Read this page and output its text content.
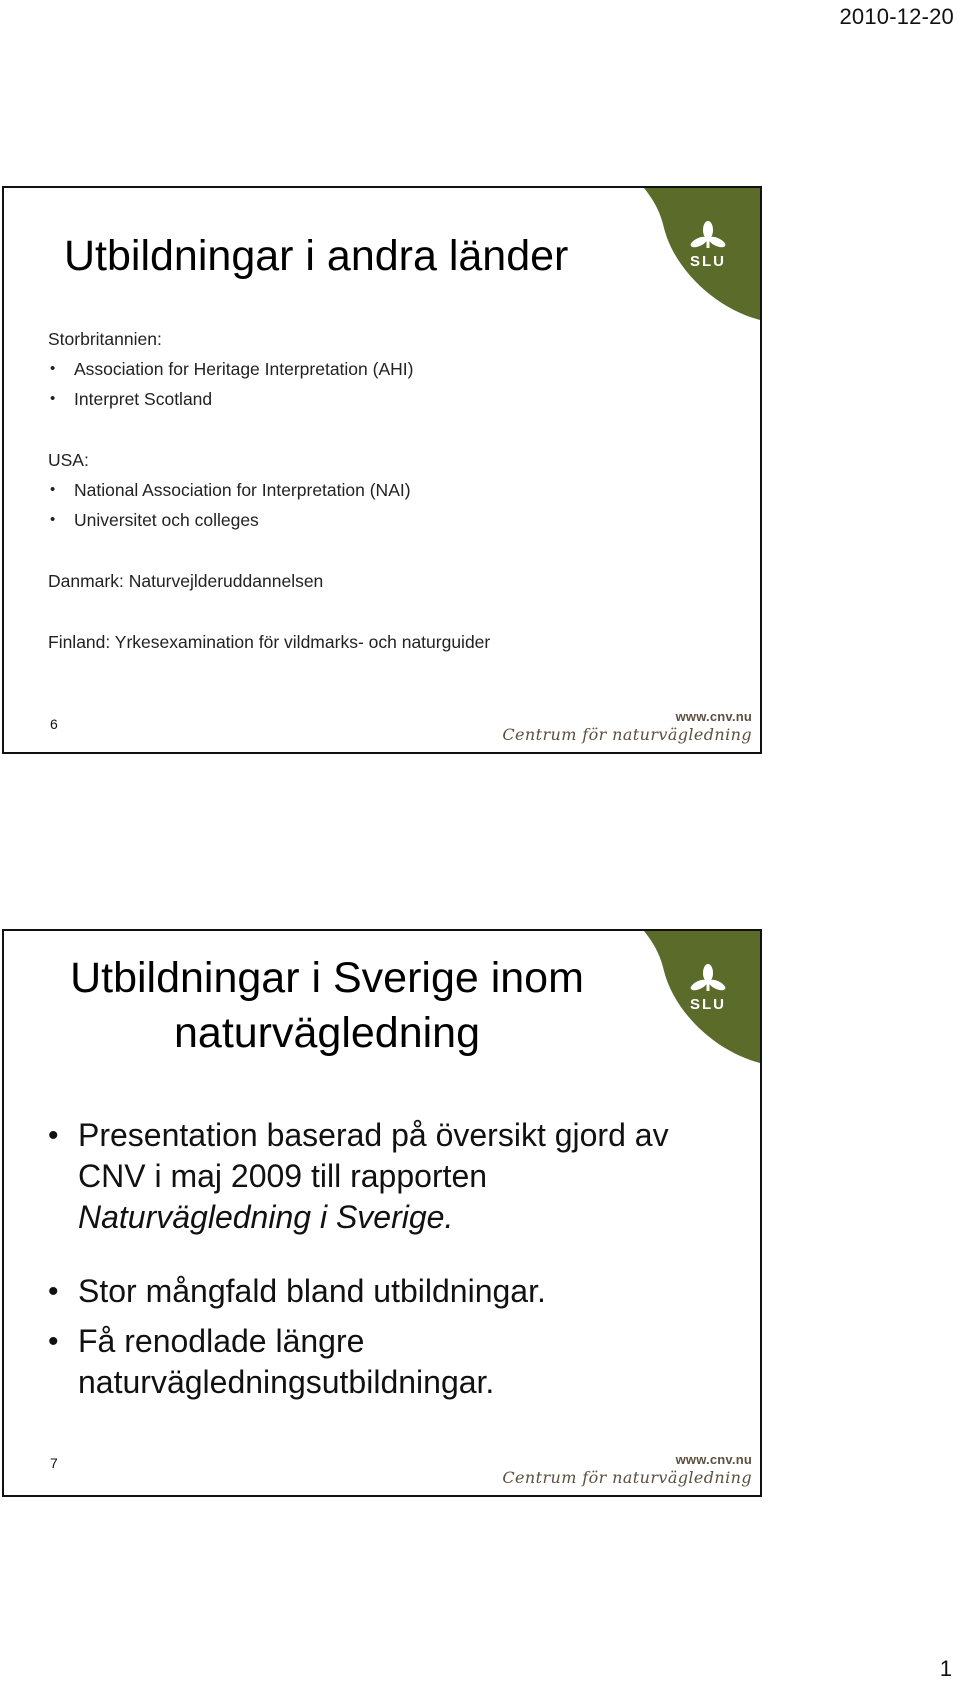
2010-12-20
SLU
Utbildningar i andra länder

Storbritannien:

• Association for Heritage Interpretation (AHI)
• Interpret Scotland

USA:

• National Association for Interpretation (NAI)
• Universitet och colleges

Danmark: Naturvejlderuddannelsen

Finland: Yrkesexamination för vildmarks- och naturguider

6	www.cnv.nu
Centrum för naturvägledning
SLU
Utbildningar i Sverige inom
naturvägledning
• Presentation baserad på översikt gjord av
CNV i maj 2009 till rapporten
Naturvägledning i Sverige.
• Stor mångfald bland utbildningar.
• Få renodlade längre
naturvägledningsutbildningar.
7	www.cnv.nu
Centrum för naturvägledning
1
